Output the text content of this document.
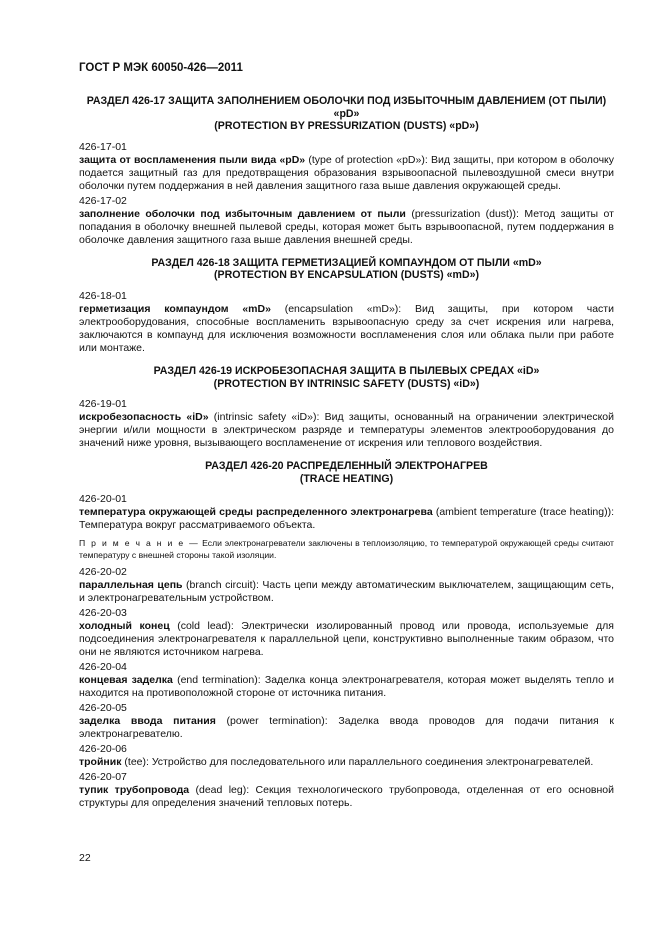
ГОСТ Р МЭК 60050-426—2011
РАЗДЕЛ 426-17 ЗАЩИТА ЗАПОЛНЕНИЕМ ОБОЛОЧКИ ПОД ИЗБЫТОЧНЫМ ДАВЛЕНИЕМ (ОТ ПЫЛИ) «pD»
(PROTECTION BY PRESSURIZATION (DUSTS) «pD»)
426-17-01
защита от воспламенения пыли вида «pD» (type of protection «pD»): Вид защиты, при котором в оболочку подается защитный газ для предотвращения образования взрывоопасной пылевоздушной смеси внутри оболочки путем поддержания в ней давления защитного газа выше давления окружающей среды.
426-17-02
заполнение оболочки под избыточным давлением от пыли (pressurization (dust)): Метод защиты от попадания в оболочку внешней пылевой среды, которая может быть взрывоопасной, путем поддержания в оболочке давления защитного газа выше давления внешней среды.
РАЗДЕЛ 426-18 ЗАЩИТА ГЕРМЕТИЗАЦИЕЙ КОМПАУНДОМ ОТ ПЫЛИ «mD»
(PROTECTION BY ENCAPSULATION (DUSTS) «mD»)
426-18-01
герметизация компаундом «mD» (encapsulation «mD»): Вид защиты, при котором части электрооборудования, способные воспламенить взрывоопасную среду за счет искрения или нагрева, заключаются в компаунд для исключения возможности воспламенения слоя или облака пыли при работе или монтаже.
РАЗДЕЛ 426-19 ИСКРОБЕЗОПАСНАЯ ЗАЩИТА В ПЫЛЕВЫХ СРЕДАХ «iD»
(PROTECTION BY INTRINSIC SAFETY (DUSTS) «iD»)
426-19-01
искробезопасность «iD» (intrinsic safety «iD»): Вид защиты, основанный на ограничении электрической энергии и/или мощности в электрическом разряде и температуры элементов электрооборудования до значений ниже уровня, вызывающего воспламенение от искрения или теплового воздействия.
РАЗДЕЛ 426-20 РАСПРЕДЕЛЕННЫЙ ЭЛЕКТРОНАГРЕВ
(TRACE HEATING)
426-20-01
температура окружающей среды распределенного электронагрева (ambient temperature (trace heating)): Температура вокруг рассматриваемого объекта.
П р и м е ч а н и е — Если электронагреватели заключены в теплоизоляцию, то температурой окружающей среды считают температуру с внешней стороны такой изоляции.
426-20-02
параллельная цепь (branch circuit): Часть цепи между автоматическим выключателем, защищающим сеть, и электронагревательным устройством.
426-20-03
холодный конец (cold lead): Электрически изолированный провод или провода, используемые для подсоединения электронагревателя к параллельной цепи, конструктивно выполненные таким образом, что они не являются источником нагрева.
426-20-04
концевая заделка (end termination): Заделка конца электронагревателя, которая может выделять тепло и находится на противоположной стороне от источника питания.
426-20-05
заделка ввода питания (power termination): Заделка ввода проводов для подачи питания к электронагревателю.
426-20-06
тройник (tee): Устройство для последовательного или параллельного соединения электронагревателей.
426-20-07
тупик трубопровода (dead leg): Секция технологического трубопровода, отделенная от его основной структуры для определения значений тепловых потерь.
22
